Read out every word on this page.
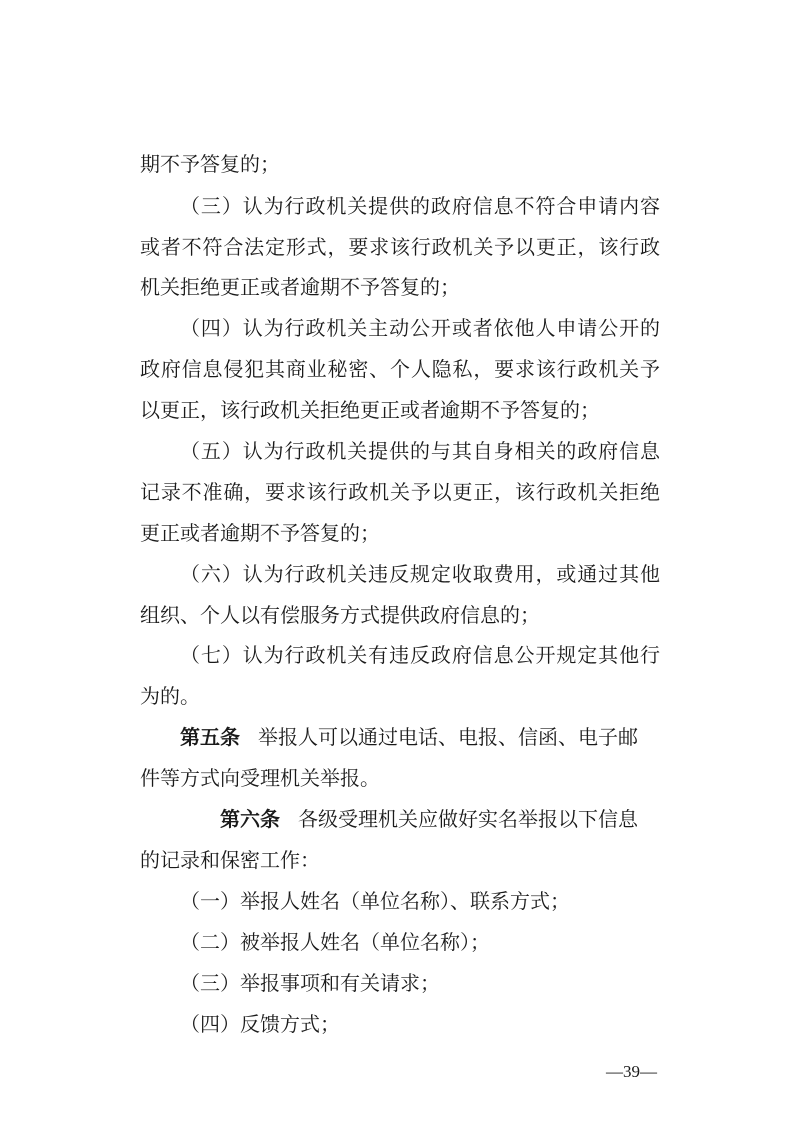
期不予答复的；
（三）认为行政机关提供的政府信息不符合申请内容
或者不符合法定形式，要求该行政机关予以更正，该行政
机关拒绝更正或者逾期不予答复的；
（四）认为行政机关主动公开或者依他人申请公开的
政府信息侵犯其商业秘密、个人隐私，要求该行政机关予
以更正，该行政机关拒绝更正或者逾期不予答复的；
（五）认为行政机关提供的与其自身相关的政府信息
记录不准确，要求该行政机关予以更正，该行政机关拒绝
更正或者逾期不予答复的；
（六）认为行政机关违反规定收取费用，或通过其他
组织、个人以有偿服务方式提供政府信息的；
（七）认为行政机关有违反政府信息公开规定其他行
为的。
第五条 举报人可以通过电话、电报、信函、电子邮
件等方式向受理机关举报。
第六条 各级受理机关应做好实名举报以下信息
的记录和保密工作：
（一）举报人姓名（单位名称）、联系方式；
（二）被举报人姓名（单位名称）；
（三）举报事项和有关请求；
（四）反馈方式；
—39—
